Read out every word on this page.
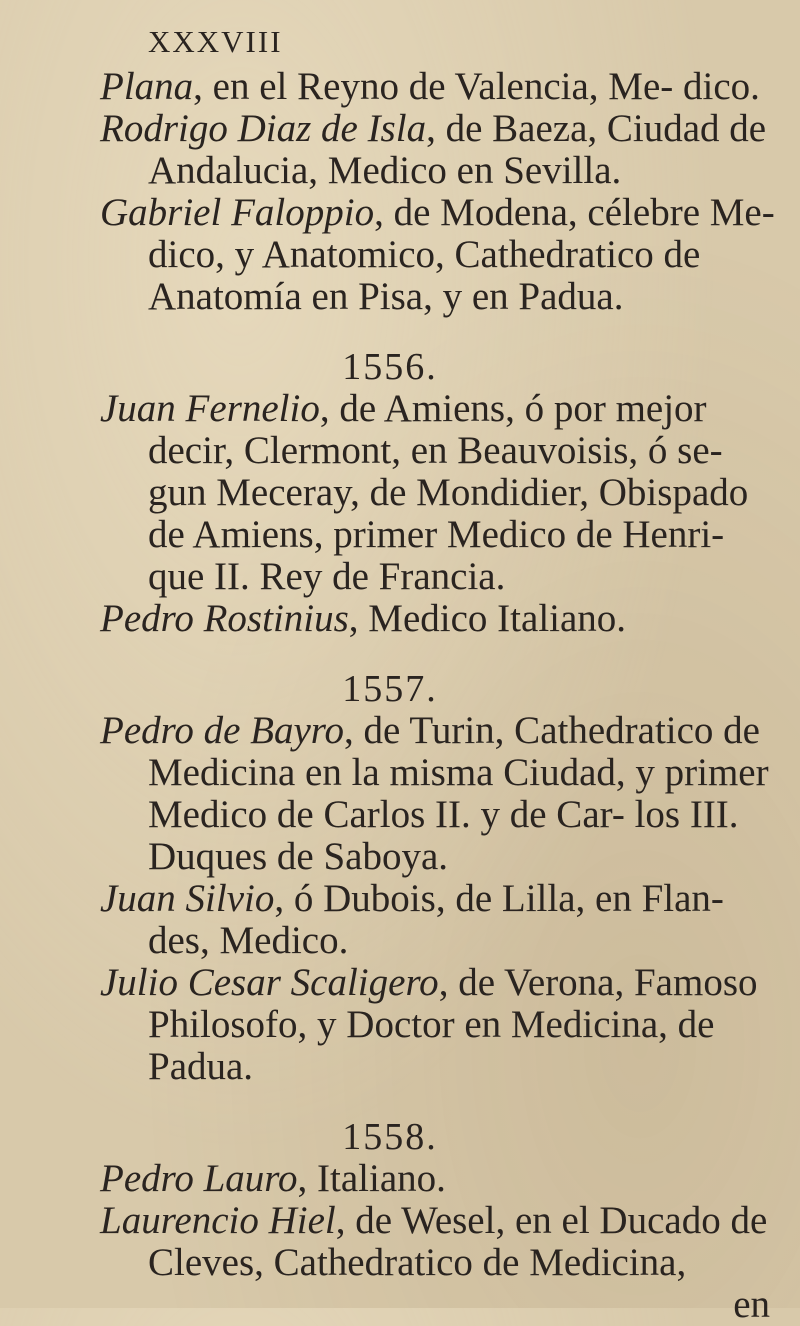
XXXVIII

Plana, en el Reyno de Valencia, Me- dico.

Rodrigo Diaz de Isla, de Baeza, Ciudad de Andalucia, Medico en Sevilla.

Gabriel Faloppio, de Modena, célebre Me- dico, y Anatomico, Cathedratico de Anatomía en Pisa, y en Padua.

1556.

Juan Fernelio, de Amiens, ó por mejor decir, Clermont, en Beauvoisis, ó se- gun Meceray, de Mondidier, Obispado de Amiens, primer Medico de Henri- que II. Rey de Francia.

Pedro Rostinius, Medico Italiano.

1557.

Pedro de Bayro, de Turin, Cathedratico de Medicina en la misma Ciudad, y primer Medico de Carlos II. y de Car- los III. Duques de Saboya.

Juan Silvio, ó Dubois, de Lilla, en Flan- des, Medico.

Julio Cesar Scaligero, de Verona, Famoso Philosofo, y Doctor en Medicina, de Padua.

1558.

Pedro Lauro, Italiano.

Laurencio Hiel, de Wesel, en el Ducado de Cleves, Cathedratico de Medicina,

en
